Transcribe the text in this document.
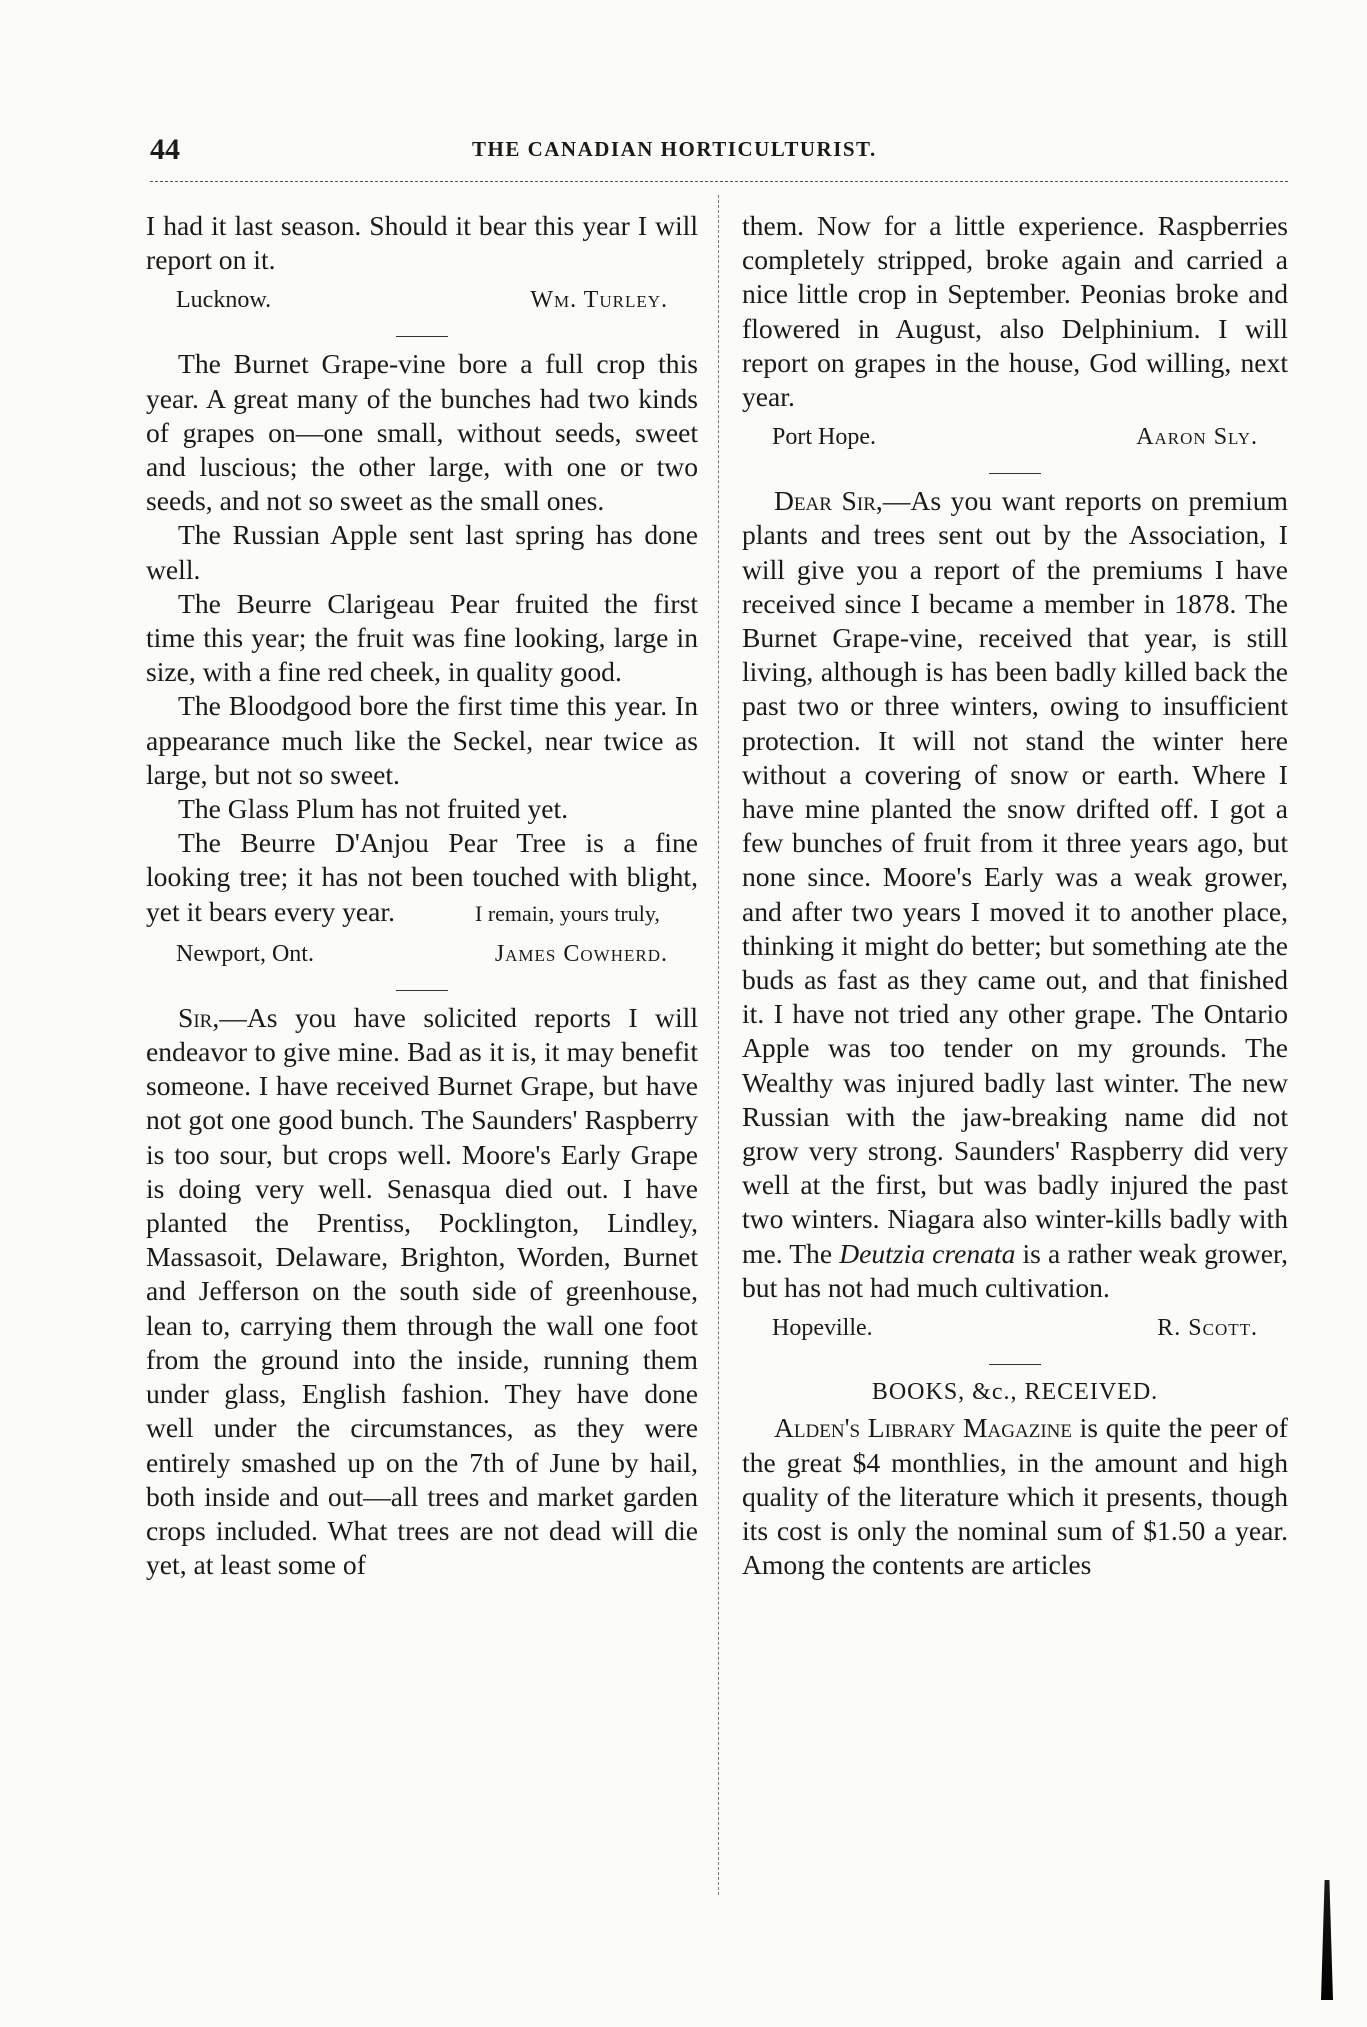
44	THE CANADIAN HORTICULTURIST.

I had it last season. Should it bear this year I will report on it.

Lucknow.	Wm. Turley.

The Burnet Grape-vine bore a full crop this year. A great many of the bunches had two kinds of grapes on—one small, without seeds, sweet and luscious; the other large, with one or two seeds, and not so sweet as the small ones.

The Russian Apple sent last spring has done well.

The Beurre Clarigeau Pear fruited the first time this year; the fruit was fine looking, large in size, with a fine red cheek, in quality good.

The Bloodgood bore the first time this year. In appearance much like the Seckel, near twice as large, but not so sweet.

The Glass Plum has not fruited yet.

The Beurre D'Anjou Pear Tree is a fine looking tree; it has not been touched with blight, yet it bears every year.	I remain, yours truly,

Newport, Ont.	James Cowherd.

Sir,—As you have solicited reports I will endeavor to give mine. Bad as it is, it may benefit someone. I have received Burnet Grape, but have not got one good bunch. The Saunders' Raspberry is too sour, but crops well. Moore's Early Grape is doing very well. Senasqua died out. I have planted the Prentiss, Pocklington, Lindley, Massasoit, Delaware, Brighton, Worden, Burnet and Jefferson on the south side of greenhouse, lean to, carrying them through the wall one foot from the ground into the inside, running them under glass, English fashion. They have done well under the circumstances, as they were entirely smashed up on the 7th of June by hail, both inside and out—all trees and market garden crops included. What trees are not dead will die yet, at least some of

them. Now for a little experience. Raspberries completely stripped, broke again and carried a nice little crop in September. Peonias broke and flowered in August, also Delphinium. I will report on grapes in the house, God willing, next year.

Port Hope.	Aaron Sly.

Dear Sir,—As you want reports on premium plants and trees sent out by the Association, I will give you a report of the premiums I have received since I became a member in 1878. The Burnet Grape-vine, received that year, is still living, although is has been badly killed back the past two or three winters, owing to insufficient protection. It will not stand the winter here without a covering of snow or earth. Where I have mine planted the snow drifted off. I got a few bunches of fruit from it three years ago, but none since. Moore's Early was a weak grower, and after two years I moved it to another place, thinking it might do better; but something ate the buds as fast as they came out, and that finished it. I have not tried any other grape. The Ontario Apple was too tender on my grounds. The Wealthy was injured badly last winter. The new Russian with the jaw-breaking name did not grow very strong. Saunders' Raspberry did very well at the first, but was badly injured the past two winters. Niagara also winter-kills badly with me. The Deutzia crenata is a rather weak grower, but has not had much cultivation.

Hopeville.	R. Scott.
BOOKS, &c., RECEIVED.

Alden's Library Magazine is quite the peer of the great $4 monthlies, in the amount and high quality of the literature which it presents, though its cost is only the nominal sum of $1.50 a year. Among the contents are articles
